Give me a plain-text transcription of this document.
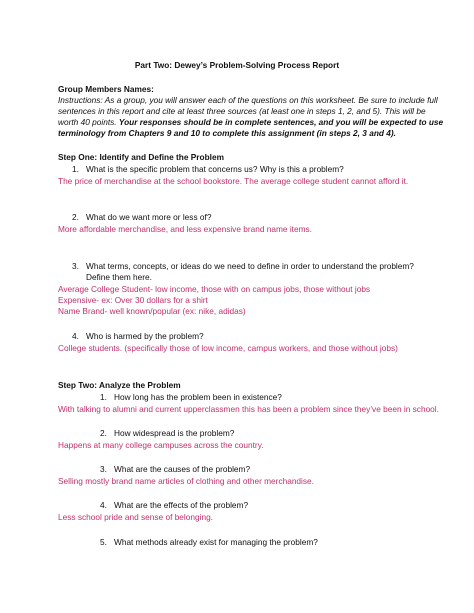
Part Two: Dewey’s Problem-Solving Process Report
Group Members Names:
Instructions: As a group, you will answer each of the questions on this worksheet. Be sure to include full
sentences in this report and cite at least three sources (at least one in steps 1, 2, and 5). This will be
worth 40 points. Your responses should be in complete sentences, and you will be expected to use
terminology from Chapters 9 and 10 to complete this assignment (in steps 2, 3 and 4).
Step One: Identify and Define the Problem
1. What is the specific problem that concerns us? Why is this a problem?
The price of merchandise at the school bookstore. The average college student cannot afford it.
2. What do we want more or less of?
More affordable merchandise, and less expensive brand name items.
3. What terms, concepts, or ideas do we need to define in order to understand the problem?
Define them here.
Average College Student- low income, those with on campus jobs, those without jobs
Expensive- ex: Over 30 dollars for a shirt
Name Brand- well known/popular (ex: nike, adidas)
4. Who is harmed by the problem?
College students. (specifically those of low income, campus workers, and those without jobs)
Step Two: Analyze the Problem
1. How long has the problem been in existence?
With talking to alumni and current upperclassmen this has been a problem since they’ve been in school.
2. How widespread is the problem?
Happens at many college campuses across the country.
3. What are the causes of the problem?
Selling mostly brand name articles of clothing and other merchandise.
4. What are the effects of the problem?
Less school pride and sense of belonging.
5. What methods already exist for managing the problem?
